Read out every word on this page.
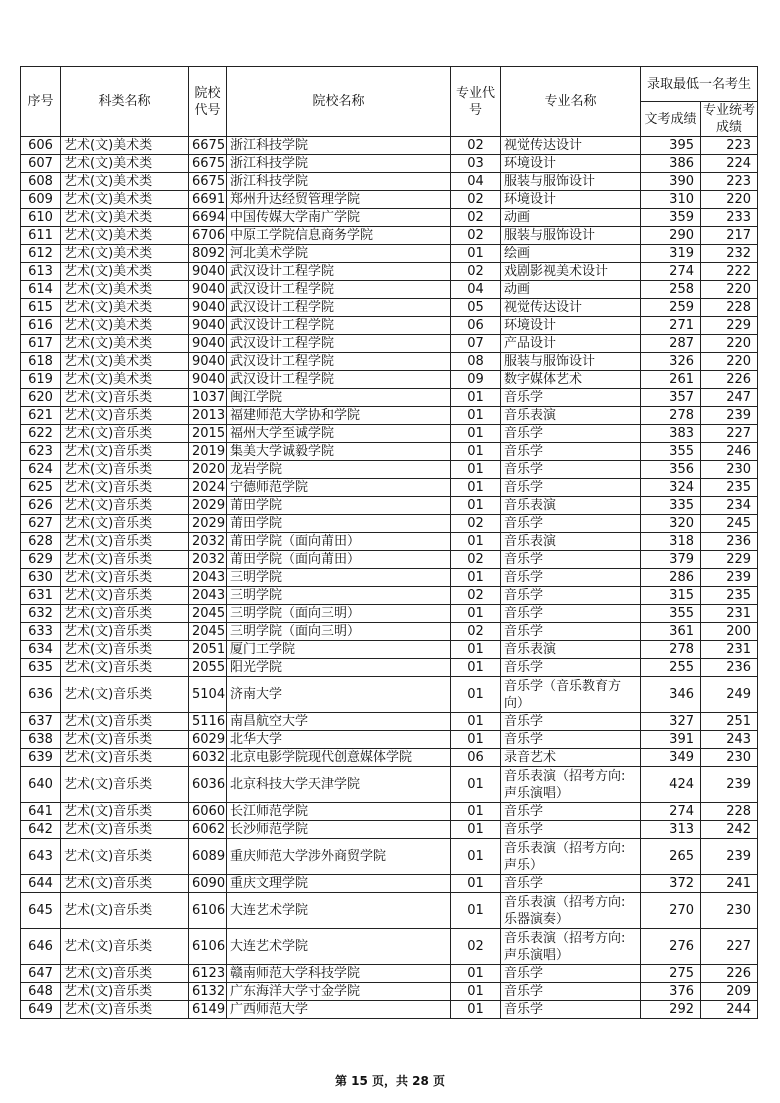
序号	科类名称	院校代号	院校名称	专业代号	专业名称	录取最低一名考生	
						文考成绩	专业统考成绩
606	艺术(文)美术类	6675	浙江科技学院	02	视觉传达设计	395	223
607	艺术(文)美术类	6675	浙江科技学院	03	环境设计	386	224
608	艺术(文)美术类	6675	浙江科技学院	04	服装与服饰设计	390	223
609	艺术(文)美术类	6691	郑州升达经贸管理学院	02	环境设计	310	220
610	艺术(文)美术类	6694	中国传媒大学南广学院	02	动画	359	233
611	艺术(文)美术类	6706	中原工学院信息商务学院	02	服装与服饰设计	290	217
612	艺术(文)美术类	8092	河北美术学院	01	绘画	319	232
613	艺术(文)美术类	9040	武汉设计工程学院	02	戏剧影视美术设计	274	222
614	艺术(文)美术类	9040	武汉设计工程学院	04	动画	258	220
615	艺术(文)美术类	9040	武汉设计工程学院	05	视觉传达设计	259	228
616	艺术(文)美术类	9040	武汉设计工程学院	06	环境设计	271	229
617	艺术(文)美术类	9040	武汉设计工程学院	07	产品设计	287	220
618	艺术(文)美术类	9040	武汉设计工程学院	08	服装与服饰设计	326	220
619	艺术(文)美术类	9040	武汉设计工程学院	09	数字媒体艺术	261	226
620	艺术(文)音乐类	1037	闽江学院	01	音乐学	357	247
621	艺术(文)音乐类	2013	福建师范大学协和学院	01	音乐表演	278	239
622	艺术(文)音乐类	2015	福州大学至诚学院	01	音乐学	383	227
623	艺术(文)音乐类	2019	集美大学诚毅学院	01	音乐学	355	246
624	艺术(文)音乐类	2020	龙岩学院	01	音乐学	356	230
625	艺术(文)音乐类	2024	宁德师范学院	01	音乐学	324	235
626	艺术(文)音乐类	2029	莆田学院	01	音乐表演	335	234
627	艺术(文)音乐类	2029	莆田学院	02	音乐学	320	245
628	艺术(文)音乐类	2032	莆田学院（面向莆田）	01	音乐表演	318	236
629	艺术(文)音乐类	2032	莆田学院（面向莆田）	02	音乐学	379	229
630	艺术(文)音乐类	2043	三明学院	01	音乐学	286	239
631	艺术(文)音乐类	2043	三明学院	02	音乐学	315	235
632	艺术(文)音乐类	2045	三明学院（面向三明）	01	音乐学	355	231
633	艺术(文)音乐类	2045	三明学院（面向三明）	02	音乐学	361	200
634	艺术(文)音乐类	2051	厦门工学院	01	音乐表演	278	231
635	艺术(文)音乐类	2055	阳光学院	01	音乐学	255	236
636	艺术(文)音乐类	5104	济南大学	01	音乐学（音乐教育方向）	346	249
637	艺术(文)音乐类	5116	南昌航空大学	01	音乐学	327	251
638	艺术(文)音乐类	6029	北华大学	01	音乐学	391	243
639	艺术(文)音乐类	6032	北京电影学院现代创意媒体学院	06	录音艺术	349	230
640	艺术(文)音乐类	6036	北京科技大学天津学院	01	音乐表演（招考方向:声乐演唱）	424	239
641	艺术(文)音乐类	6060	长江师范学院	01	音乐学	274	228
642	艺术(文)音乐类	6062	长沙师范学院	01	音乐学	313	242
643	艺术(文)音乐类	6089	重庆师范大学涉外商贸学院	01	音乐表演（招考方向:声乐）	265	239
644	艺术(文)音乐类	6090	重庆文理学院	01	音乐学	372	241
645	艺术(文)音乐类	6106	大连艺术学院	01	音乐表演（招考方向:乐器演奏）	270	230
646	艺术(文)音乐类	6106	大连艺术学院	02	音乐表演（招考方向:声乐演唱）	276	227
647	艺术(文)音乐类	6123	赣南师范大学科技学院	01	音乐学	275	226
648	艺术(文)音乐类	6132	广东海洋大学寸金学院	01	音乐学	376	209
649	艺术(文)音乐类	6149	广西师范大学	01	音乐学	292	244
第 15 页，共 28 页
